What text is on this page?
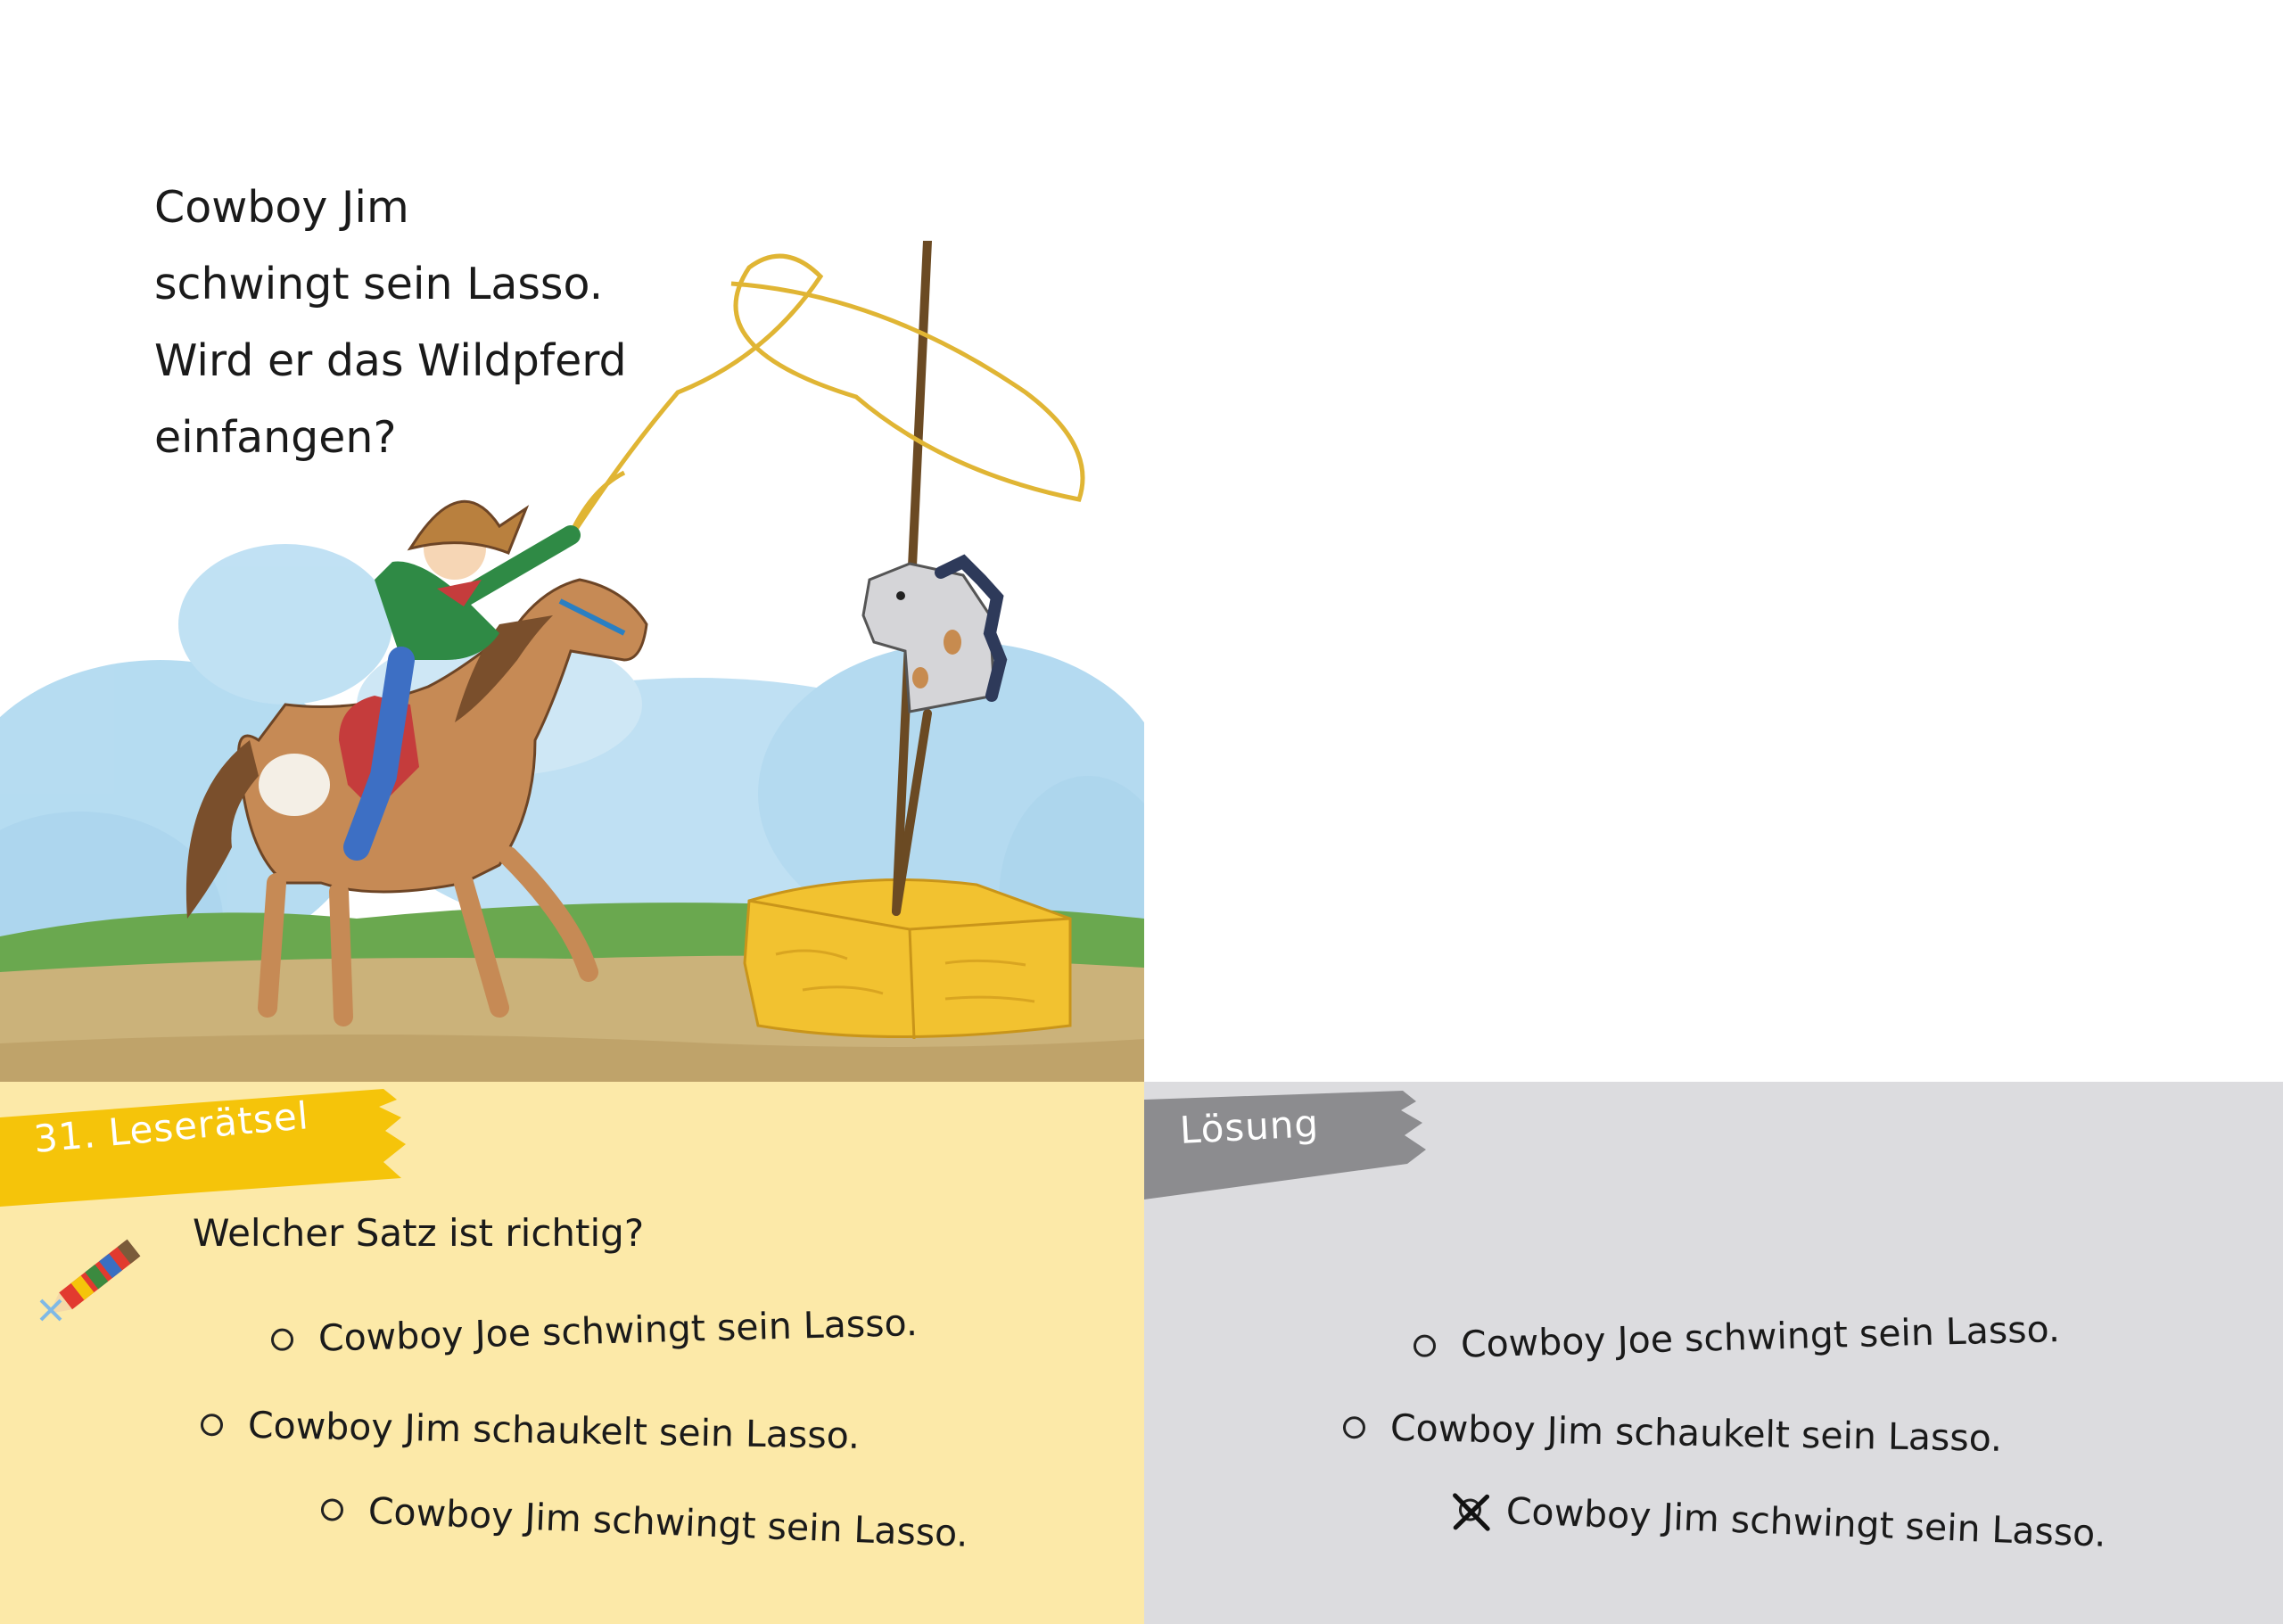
Cowboy Jim
schwingt sein Lasso.
Wird er das Wildpferd
einfangen?
31. Leserätsel
Welcher Satz ist richtig?
Cowboy Joe schwingt sein Lasso.
Cowboy Jim schaukelt sein Lasso.
Cowboy Jim schwingt sein Lasso.
Lösung
Cowboy Joe schwingt sein Lasso.
Cowboy Jim schaukelt sein Lasso.
Cowboy Jim schwingt sein Lasso.
